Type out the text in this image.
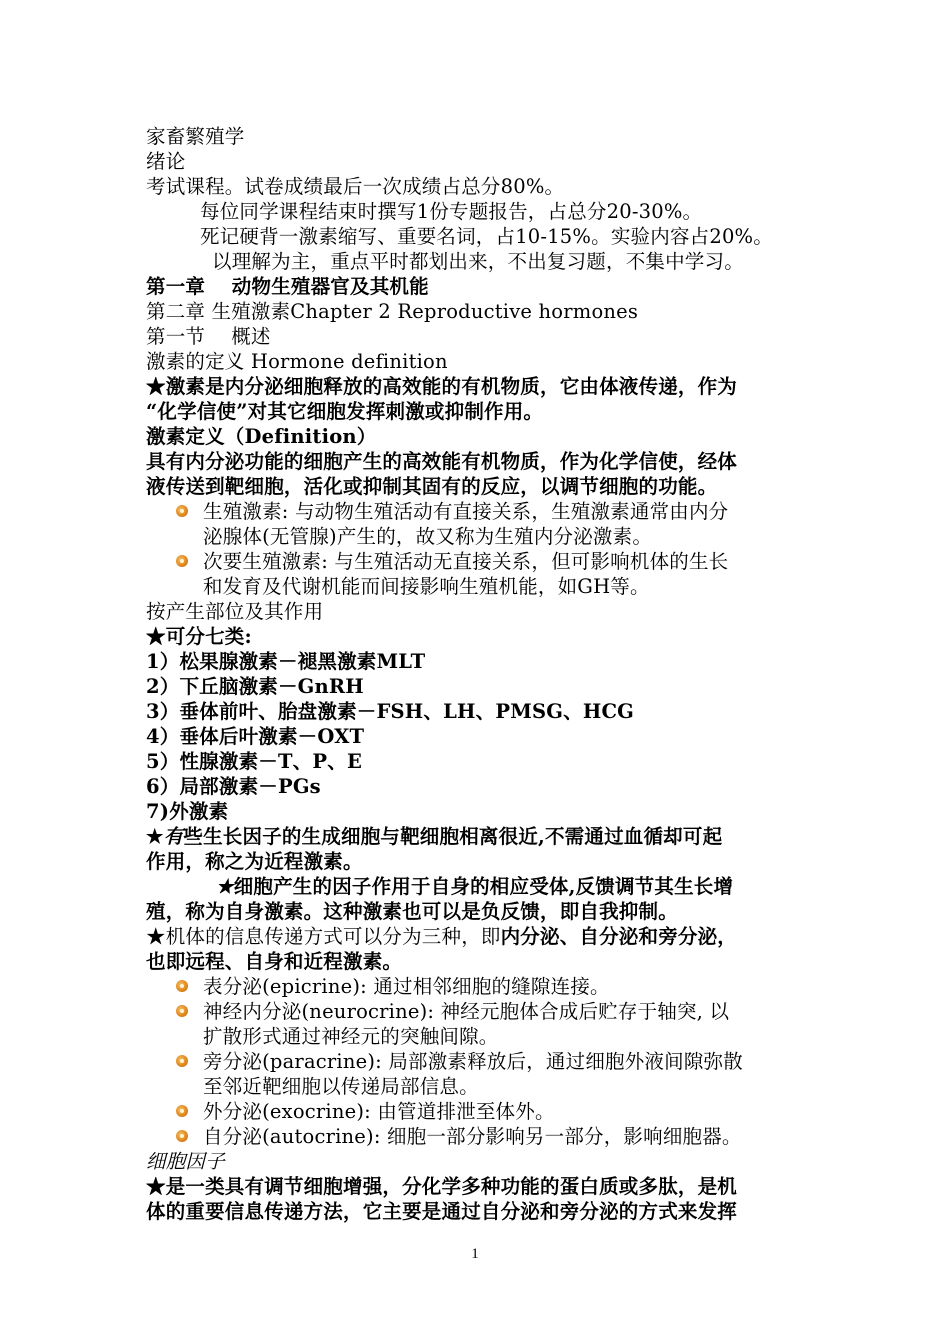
家畜繁殖学
绪论
考试课程。试卷成绩最后一次成绩占总分80%。
每位同学课程结束时撰写1份专题报告，占总分20-30%。
死记硬背一激素缩写、重要名词，占10-15%。实验内容占20%。
以理解为主，重点平时都划出来，不出复习题，不集中学习。
第一章　 动物生殖器官及其机能
第二章 生殖激素Chapter 2 Reproductive hormones
第一节　 概述
激素的定义 Hormone definition
★激素是内分泌细胞释放的高效能的有机物质，它由体液传递，作为
“化学信使”对其它细胞发挥刺激或抑制作用。
激素定义（Definition）
具有内分泌功能的细胞产生的高效能有机物质，作为化学信使，经体
液传送到靶细胞，活化或抑制其固有的反应，以调节细胞的功能。
生殖激素: 与动物生殖活动有直接关系，生殖激素通常由内分
泌腺体(无管腺)产生的，故又称为生殖内分泌激素。
次要生殖激素: 与生殖活动无直接关系，但可影响机体的生长
和发育及代谢机能而间接影响生殖机能，如GH等。
按产生部位及其作用
★可分七类:
1）松果腺激素－褪黑激素MLT
2）下丘脑激素－GnRH
3）垂体前叶、胎盘激素－FSH、LH、PMSG、HCG
4）垂体后叶激素－OXT
5）性腺激素－T、P、E
6）局部激素－PGs
7)外激素
★有些生长因子的生成细胞与靶细胞相离很近,不需通过血循却可起
作用，称之为近程激素。
★细胞产生的因子作用于自身的相应受体,反馈调节其生长增
殖，称为自身激素。这种激素也可以是负反馈，即自我抑制。
★机体的信息传递方式可以分为三种，即内分泌、自分泌和旁分泌，
也即远程、自身和近程激素。
表分泌(epicrine): 通过相邻细胞的缝隙连接。
神经内分泌(neurocrine): 神经元胞体合成后贮存于轴突, 以
扩散形式通过神经元的突触间隙。
旁分泌(paracrine): 局部激素释放后，通过细胞外液间隙弥散
至邻近靶细胞以传递局部信息。
外分泌(exocrine): 由管道排泄至体外。
自分泌(autocrine): 细胞一部分影响另一部分，影响细胞器。
细胞因子
★是一类具有调节细胞增强，分化学多种功能的蛋白质或多肽，是机
体的重要信息传递方法，它主要是通过自分泌和旁分泌的方式来发挥
1
